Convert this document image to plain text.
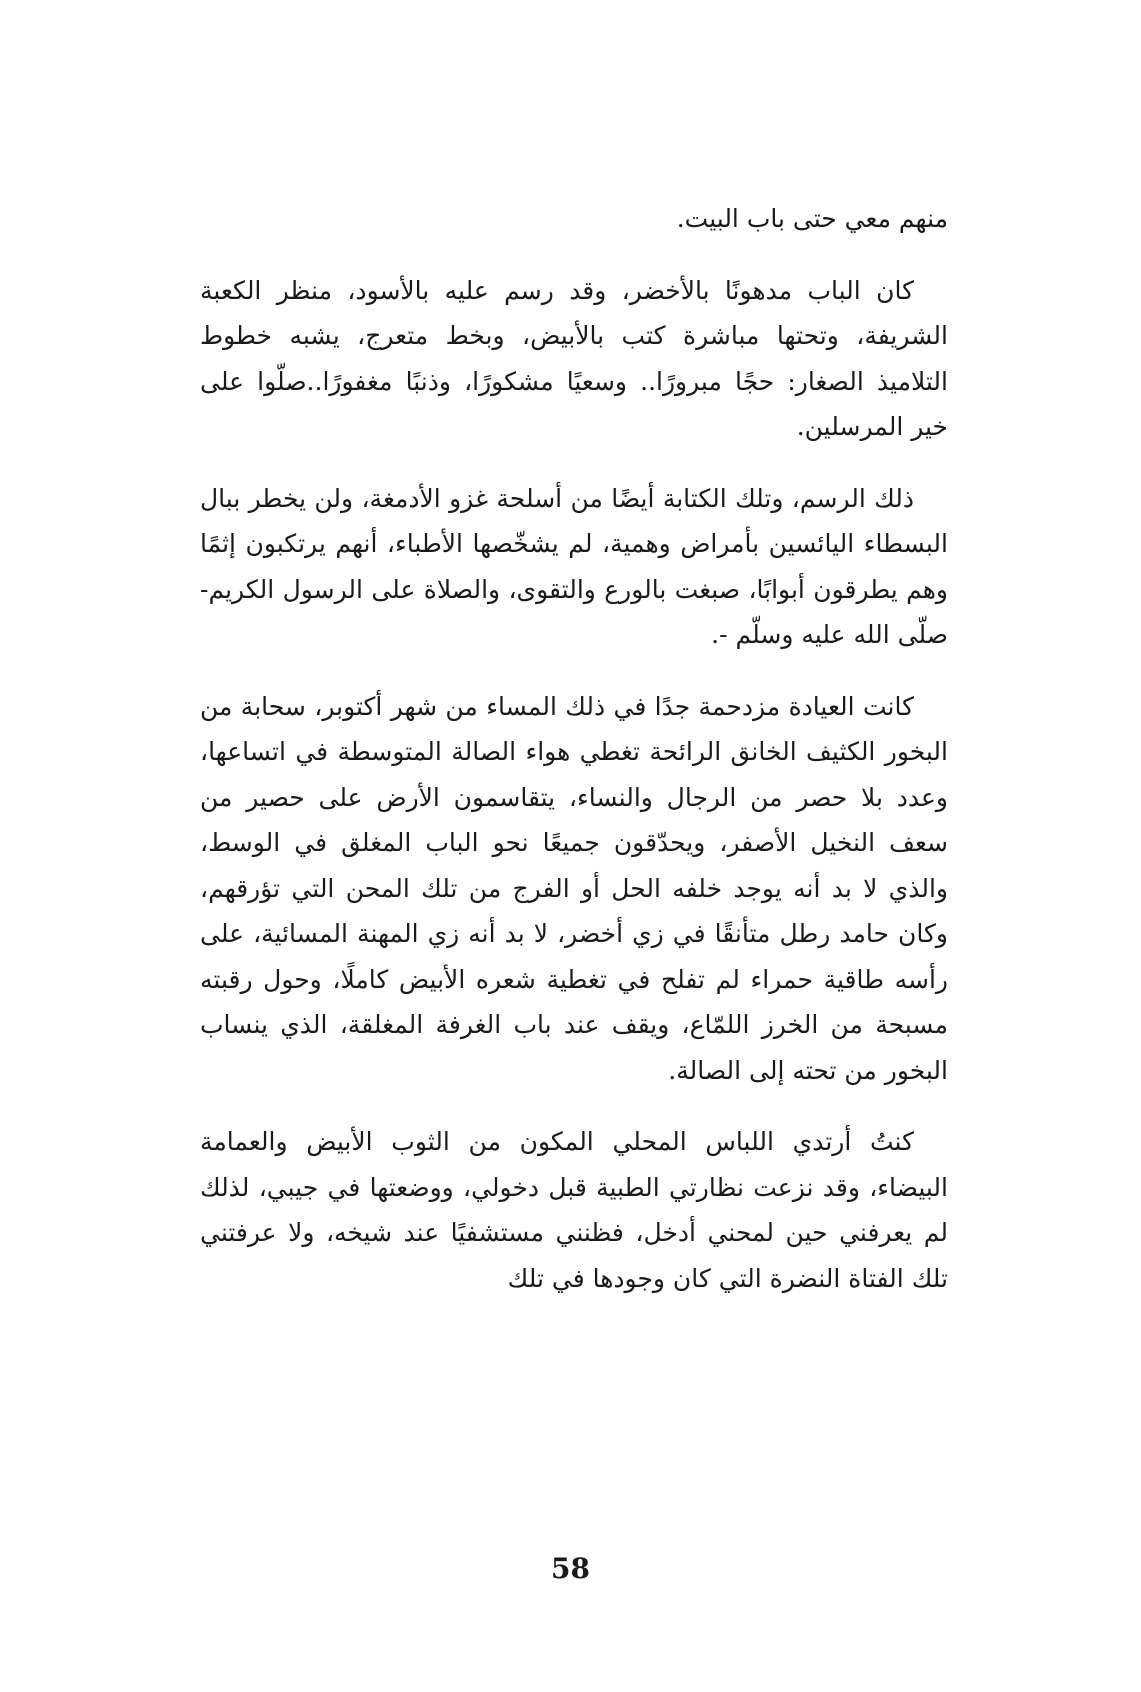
منهم معي حتى باب البيت.

كان الباب مدهونًا بالأخضر، وقد رسم عليه بالأسود، منظر الكعبة الشريفة، وتحتها مباشرة كتب بالأبيض، وبخط متعرج، يشبه خطوط التلاميذ الصغار: حجًا مبرورًا.. وسعيًا مشكورًا، وذنبًا مغفورًا..صلّوا على خير المرسلين.

ذلك الرسم، وتلك الكتابة أيضًا من أسلحة غزو الأدمغة، ولن يخطر ببال البسطاء اليائسين بأمراض وهمية، لم يشخّصها الأطباء، أنهم يرتكبون إثمًا وهم يطرقون أبوابًا، صبغت بالورع والتقوى، والصلاة على الرسول الكريم- صلّى الله عليه وسلّم -.

كانت العيادة مزدحمة جدًا في ذلك المساء من شهر أكتوبر، سحابة من البخور الكثيف الخانق الرائحة تغطي هواء الصالة المتوسطة في اتساعها، وعدد بلا حصر من الرجال والنساء، يتقاسمون الأرض على حصير من سعف النخيل الأصفر، ويحدّقون جميعًا نحو الباب المغلق في الوسط، والذي لا بد أنه يوجد خلفه الحل أو الفرج من تلك المحن التي تؤرقهم، وكان حامد رطل متأنقًا في زي أخضر، لا بد أنه زي المهنة المسائية، على رأسه طاقية حمراء لم تفلح في تغطية شعره الأبيض كاملًا، وحول رقبته مسبحة من الخرز اللمّاع، ويقف عند باب الغرفة المغلقة، الذي ينساب البخور من تحته إلى الصالة.

كنتُ أرتدي اللباس المحلي المكون من الثوب الأبيض والعمامة البيضاء، وقد نزعت نظارتي الطبية قبل دخولي، ووضعتها في جيبي، لذلك لم يعرفني حين لمحني أدخل، فظنني مستشفيًا عند شيخه، ولا عرفتني تلك الفتاة النضرة التي كان وجودها في تلك

58
